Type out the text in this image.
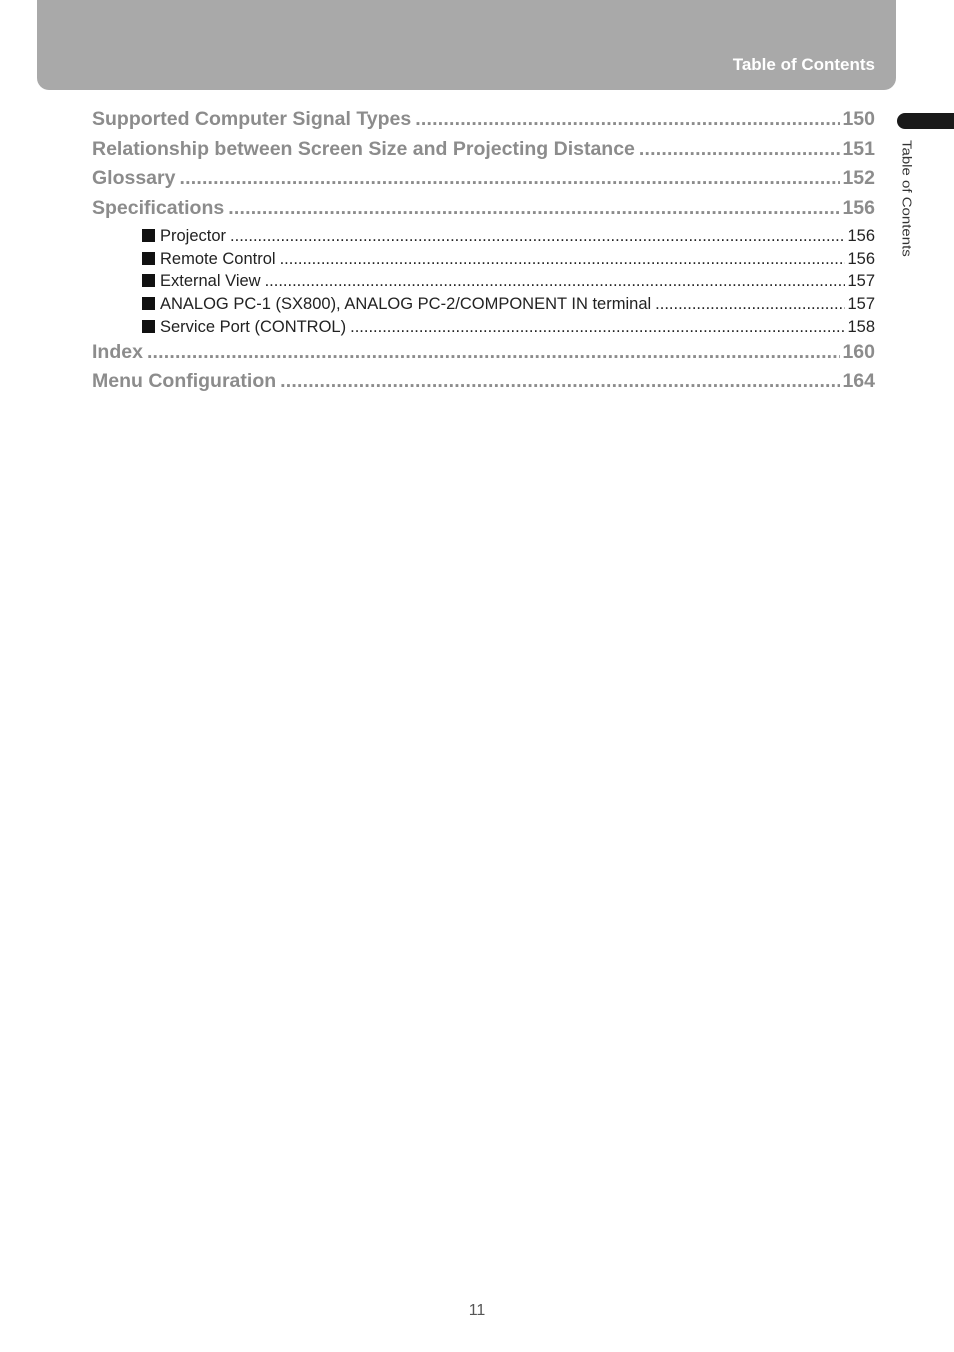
Table of Contents
Table of Contents
Supported Computer Signal Types .....	150
Relationship between Screen Size and Projecting Distance .....	151
Glossary .....	152
Specifications .....	156
Projector .....	156
Remote Control .....	156
External View .....	157
ANALOG PC-1 (SX800), ANALOG PC-2/COMPONENT IN terminal .....	157
Service Port (CONTROL) .....	158
Index .....	160
Menu Configuration .....	164
11
